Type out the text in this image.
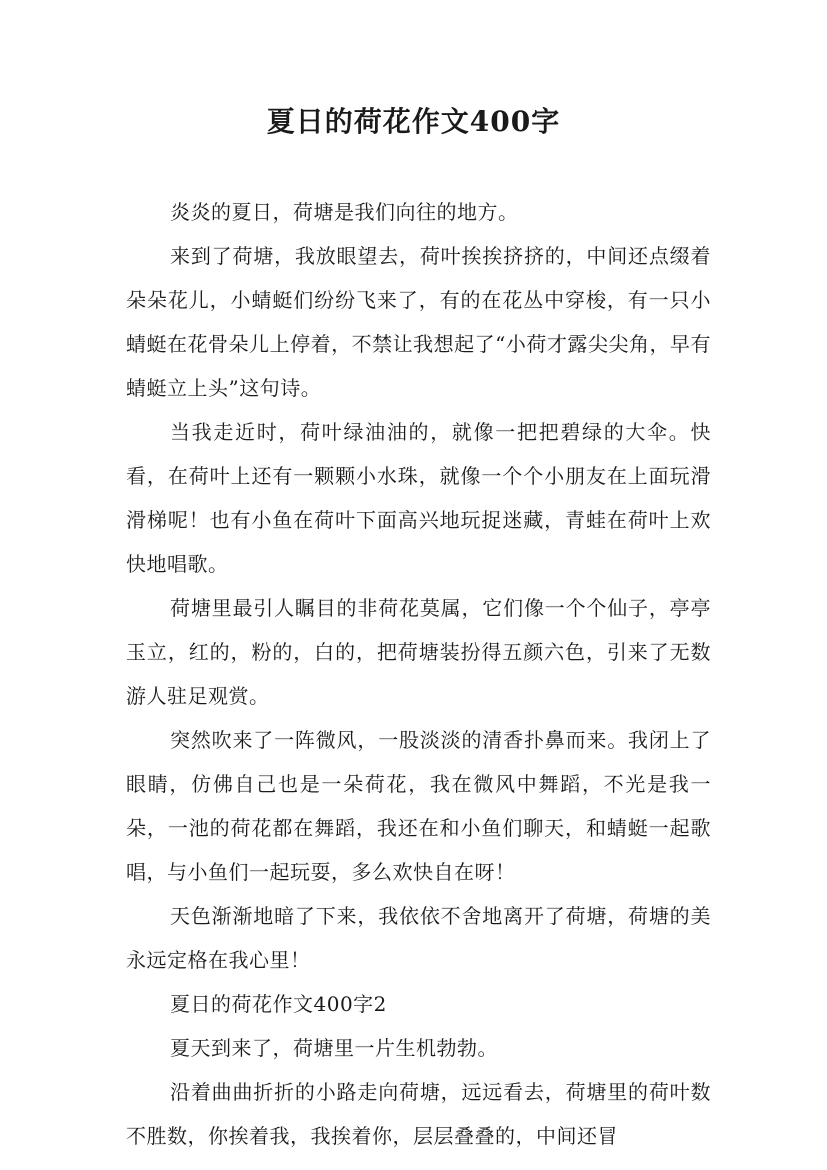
夏日的荷花作文400字

炎炎的夏日，荷塘是我们向往的地方。

来到了荷塘，我放眼望去，荷叶挨挨挤挤的，中间还点缀着朵朵花儿，小蜻蜓们纷纷飞来了，有的在花丛中穿梭，有一只小蜻蜓在花骨朵儿上停着，不禁让我想起了“小荷才露尖尖角，早有蜻蜓立上头”这句诗。

当我走近时，荷叶绿油油的，就像一把把碧绿的大伞。快看，在荷叶上还有一颗颗小水珠，就像一个个小朋友在上面玩滑滑梯呢！也有小鱼在荷叶下面高兴地玩捉迷藏，青蛙在荷叶上欢快地唱歌。

荷塘里最引人瞩目的非荷花莫属，它们像一个个仙子，亭亭玉立，红的，粉的，白的，把荷塘装扮得五颜六色，引来了无数游人驻足观赏。

突然吹来了一阵微风，一股淡淡的清香扑鼻而来。我闭上了眼睛，仿佛自己也是一朵荷花，我在微风中舞蹈，不光是我一朵，一池的荷花都在舞蹈，我还在和小鱼们聊天，和蜻蜓一起歌唱，与小鱼们一起玩耍，多么欢快自在呀！

天色渐渐地暗了下来，我依依不舍地离开了荷塘，荷塘的美永远定格在我心里！

夏日的荷花作文400字2

夏天到来了，荷塘里一片生机勃勃。

沿着曲曲折折的小路走向荷塘，远远看去，荷塘里的荷叶数不胜数，你挨着我，我挨着你，层层叠叠的，中间还冒
